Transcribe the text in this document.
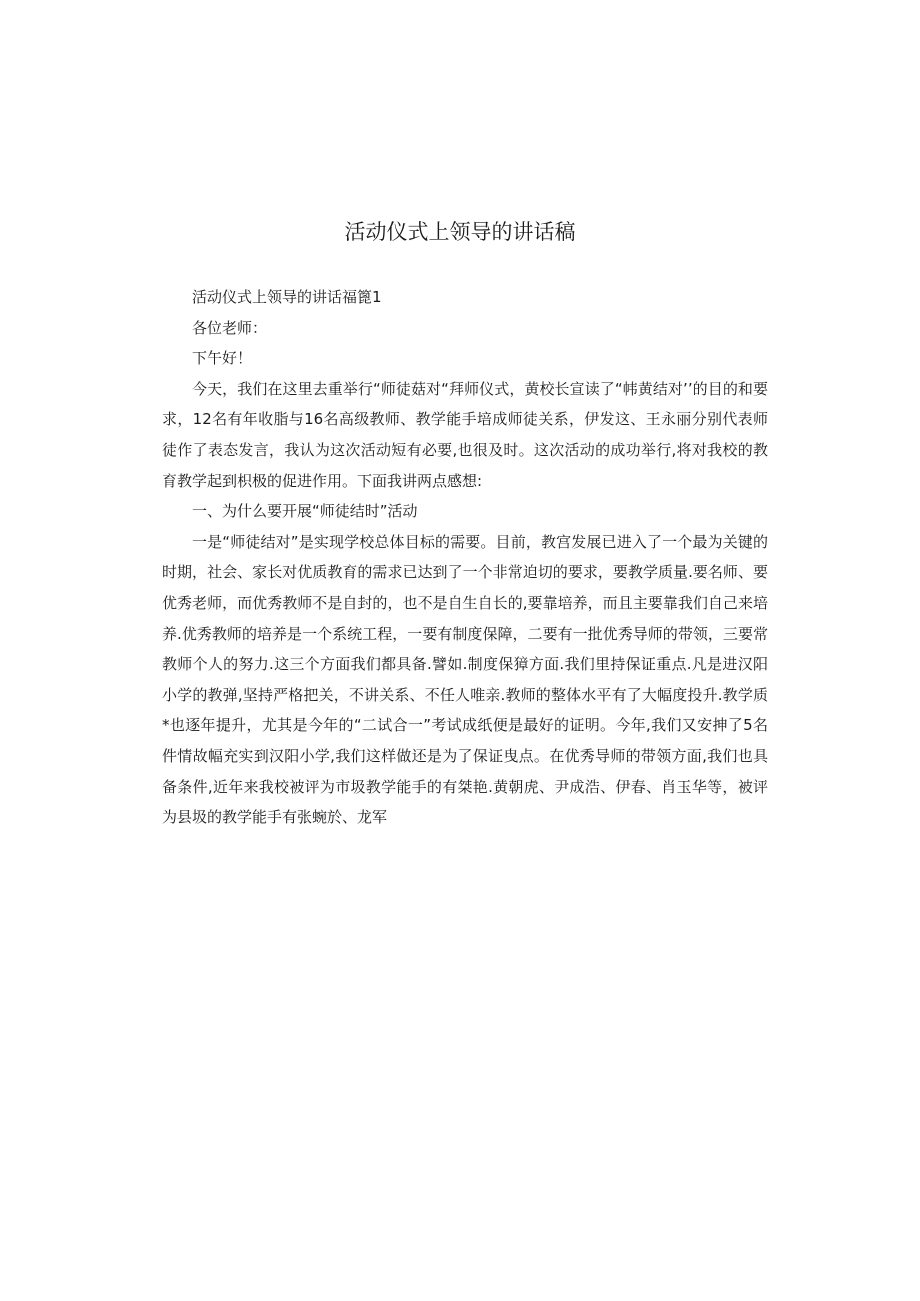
活动仪式上领导的讲话稿

活动仪式上领导的讲话福篦1

各位老师：

下午好！

今天，我们在这里去重举行“师徒菇对“拜师仪式，黄校长宣读了“帏黄结对’’的目的和要求，12名有年收脂与16名高级教师、教学能手培成师徒关系，伊发这、王永丽分别代表师徒作了表态发言，我认为这次活动短有必要,也很及时。这次活动的成功举行,将对我校的教育教学起到枳极的促进作用。下面我讲两点感想:

一、为什么要开展“师徒结时”活动

一是“师徒结对”是实现学校总体目标的需要。目前，教宫发展已进入了一个最为关键的时期，社会、家长对优质教育的需求已达到了一个非常迫切的要求，要教学质量.要名师、要优秀老师，而优秀教师不是自封的，也不是自生自长的,要靠培养，而且主要靠我们自己来培养.优秀教师的培养是一个系统工程，一要有制度保障，二要有一批优秀导师的带领，三要常教师个人的努力.这三个方面我们都具备.譬如.制度保獐方面.我们里持保证重点.凡是进汉阳小学的教弹,坚持严格把关，不讲关系、不任人唯亲.教师的整体水平有了大幅度投升.教学质*也逐年提升，尤其是今年的“二试合一”考试成纸便是最好的证明。今年,我们又安抻了5名件情故幅充实到汉阳小学,我们这样做还是为了保证曳点。在优秀导师的带领方面,我们也具备条件,近年来我校被评为市圾教学能手的有桀艳.黄朝虎、尹成浩、伊春、肖玉华等，被评为县圾的教学能手有张蜿於、龙军
